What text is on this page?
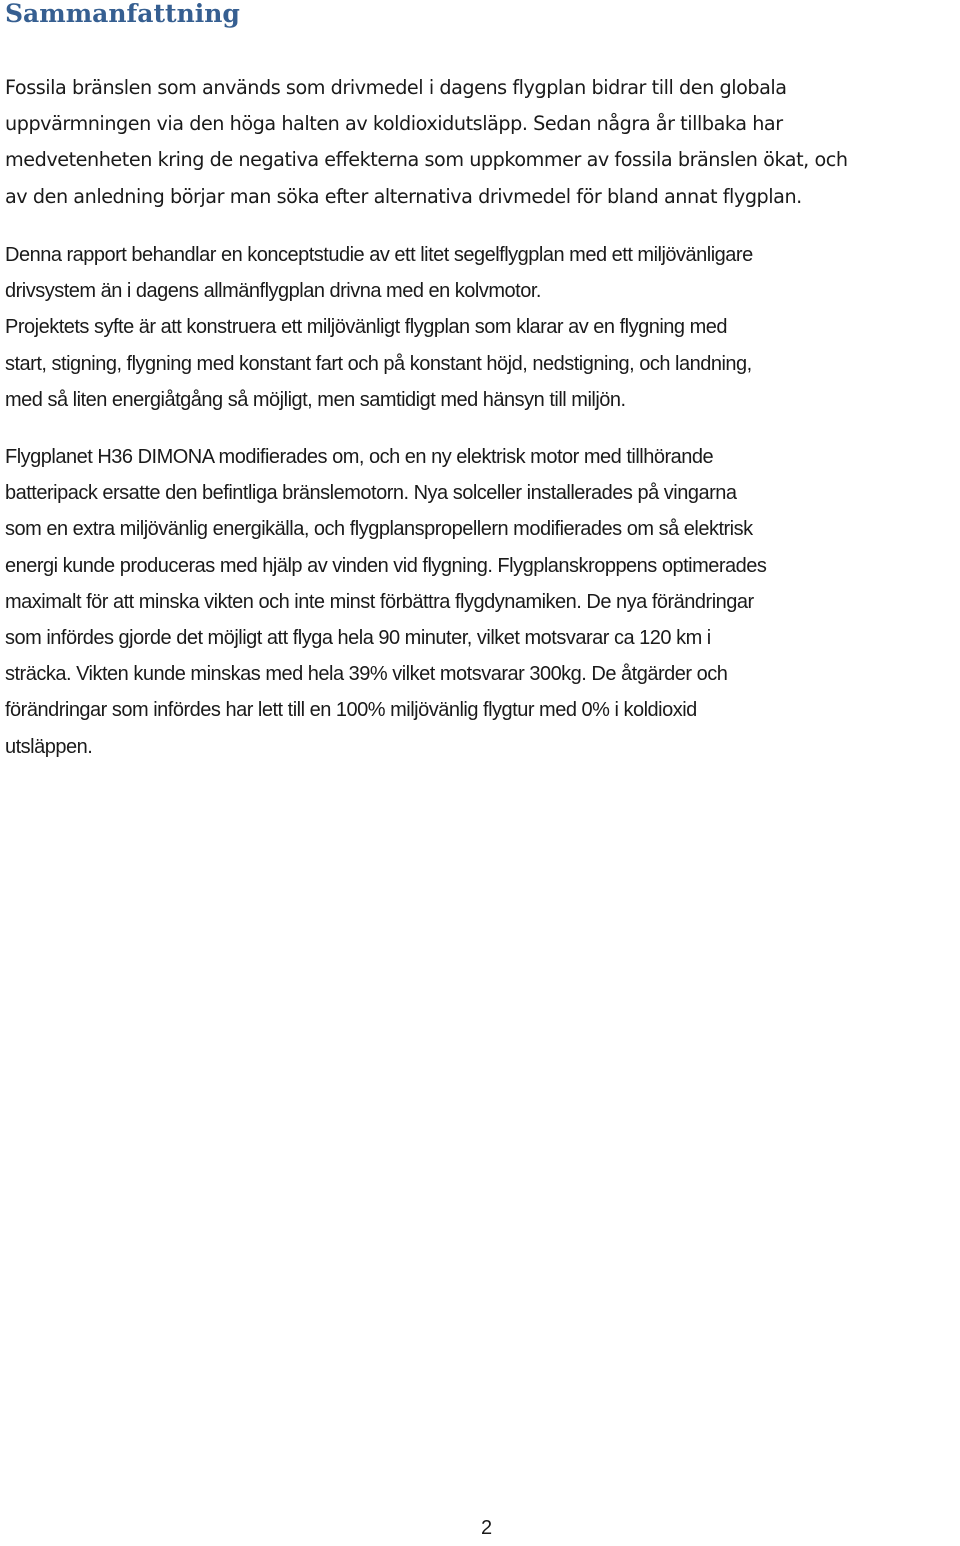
Sammanfattning

Fossila bränslen som används som drivmedel i dagens flygplan bidrar till den globala
uppvärmningen via den höga halten av koldioxidutsläpp. Sedan några år tillbaka har
medvetenheten kring de negativa effekterna som uppkommer av fossila bränslen ökat, och
av den anledning börjar man söka efter alternativa drivmedel för bland annat flygplan.

Denna rapport behandlar en konceptstudie av ett litet segelflygplan med ett miljövänligare
drivsystem än i dagens allmänflygplan drivna med en kolvmotor.
Projektets syfte är att konstruera ett miljövänligt flygplan som klarar av en flygning med
start, stigning, flygning med konstant fart och på konstant höjd, nedstigning, och landning,
med så liten energiåtgång så möjligt, men samtidigt med hänsyn till miljön.

Flygplanet H36 DIMONA modifierades om, och en ny elektrisk motor med tillhörande
batteripack ersatte den befintliga bränslemotorn. Nya solceller installerades på vingarna
som en extra miljövänlig energikälla, och flygplanspropellern modifierades om så elektrisk
energi kunde produceras med hjälp av vinden vid flygning. Flygplanskroppens optimerades
maximalt för att minska vikten och inte minst förbättra flygdynamiken. De nya förändringar
som infördes gjorde det möjligt att flyga hela 90 minuter, vilket motsvarar ca 120 km i
sträcka. Vikten kunde minskas med hela 39% vilket motsvarar 300kg. De åtgärder och
förändringar som infördes har lett till en 100% miljövänlig flygtur med 0% i koldioxid
utsläppen.

2
